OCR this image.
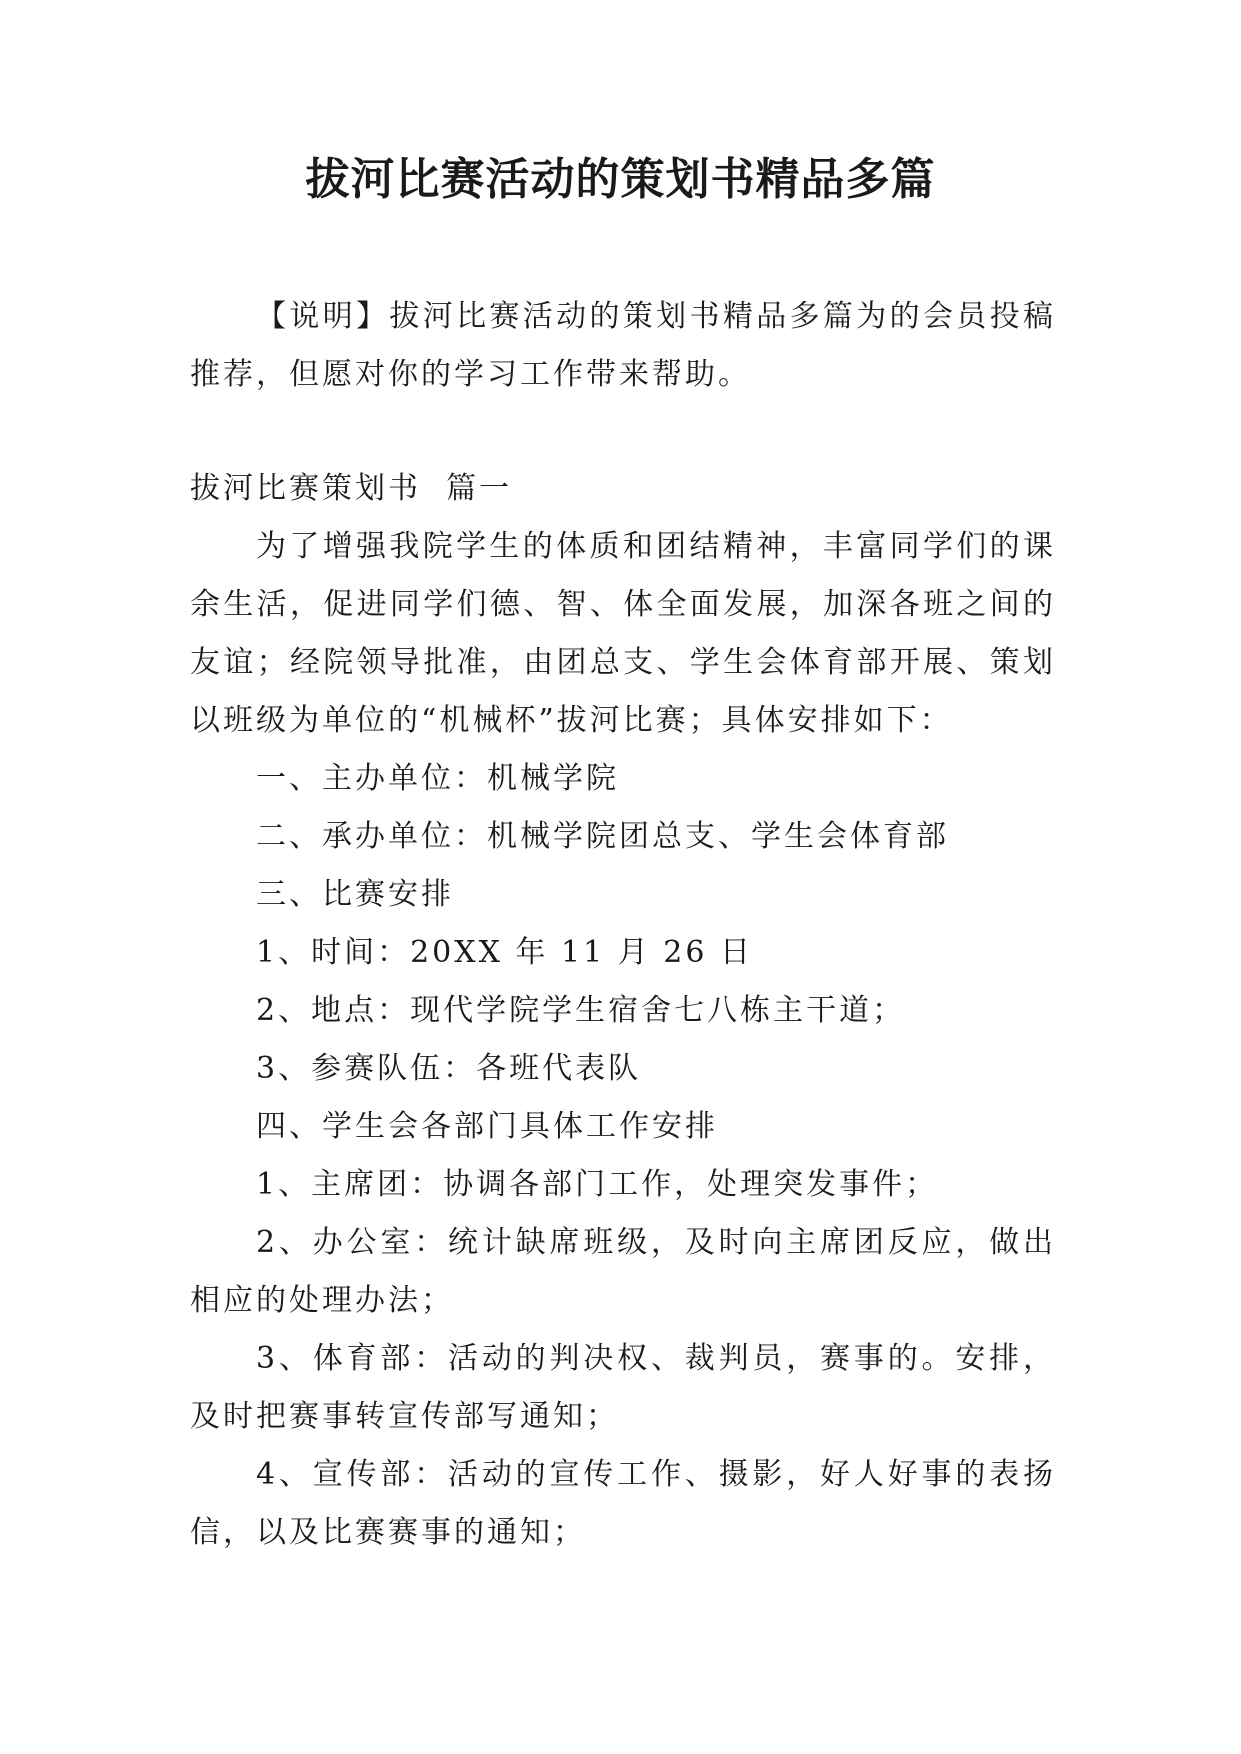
拔河比赛活动的策划书精品多篇

【说明】拔河比赛活动的策划书精品多篇为的会员投稿推荐，但愿对你的学习工作带来帮助。

拔河比赛策划书  篇一

为了增强我院学生的体质和团结精神，丰富同学们的课余生活，促进同学们德、智、体全面发展，加深各班之间的友谊；经院领导批准，由团总支、学生会体育部开展、策划以班级为单位的“机械杯”拔河比赛；具体安排如下：

一、主办单位：机械学院

二、承办单位：机械学院团总支、学生会体育部

三、比赛安排

1、时间：20XX 年 11 月 26 日

2、地点：现代学院学生宿舍七八栋主干道；

3、参赛队伍：各班代表队

四、学生会各部门具体工作安排

1、主席团：协调各部门工作，处理突发事件；

2、办公室：统计缺席班级，及时向主席团反应，做出相应的处理办法；

3、体育部：活动的判决权、裁判员，赛事的。安排，及时把赛事转宣传部写通知；

4、宣传部：活动的宣传工作、摄影，好人好事的表扬信，以及比赛赛事的通知；
